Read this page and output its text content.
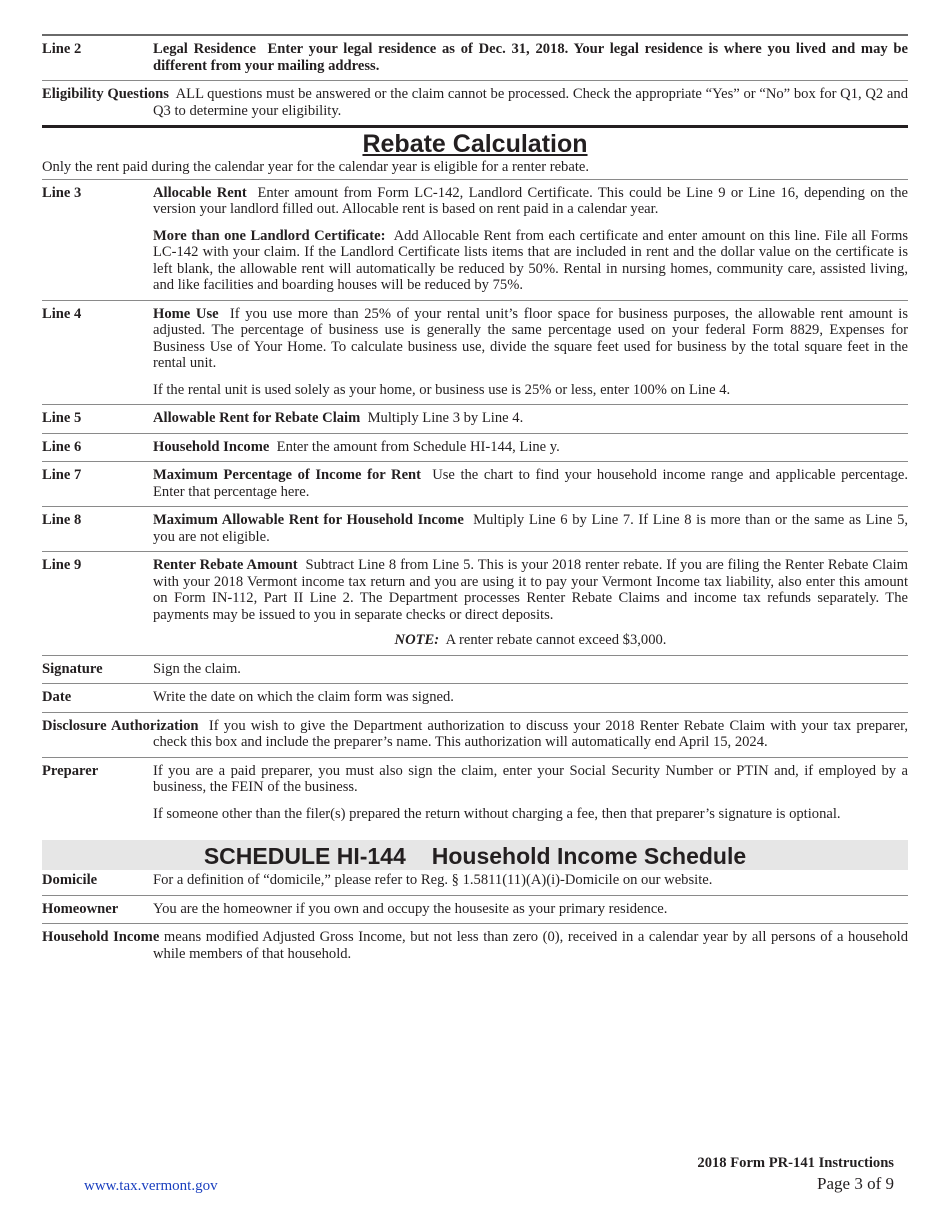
Line 2	Legal Residence Enter your legal residence as of Dec. 31, 2018. Your legal residence is where you lived and may be different from your mailing address.
Eligibility Questions ALL questions must be answered or the claim cannot be processed. Check the appropriate “Yes” or “No” box for Q1, Q2 and Q3 to determine your eligibility.
Rebate Calculation
Only the rent paid during the calendar year for the calendar year is eligible for a renter rebate.
Line 3	Allocable Rent Enter amount from Form LC-142, Landlord Certificate. This could be Line 9 or Line 16, depending on the version your landlord filled out. Allocable rent is based on rent paid in a calendar year.

More than one Landlord Certificate: Add Allocable Rent from each certificate and enter amount on this line. File all Forms LC-142 with your claim. If the Landlord Certificate lists items that are included in rent and the dollar value on the certificate is left blank, the allowable rent will automatically be reduced by 50%. Rental in nursing homes, community care, assisted living, and like facilities and boarding houses will be reduced by 75%.

Line 4	Home Use If you use more than 25% of your rental unit’s floor space for business purposes, the allowable rent amount is adjusted. The percentage of business use is generally the same percentage used on your federal Form 8829, Expenses for Business Use of Your Home. To calculate business use, divide the square feet used for business by the total square feet in the rental unit.

If the rental unit is used solely as your home, or business use is 25% or less, enter 100% on Line 4.

Line 5	Allowable Rent for Rebate Claim Multiply Line 3 by Line 4.
Line 6	Household Income Enter the amount from Schedule HI-144, Line y.
Line 7	Maximum Percentage of Income for Rent Use the chart to find your household income range and applicable percentage. Enter that percentage here.
Line 8	Maximum Allowable Rent for Household Income Multiply Line 6 by Line 7. If Line 8 is more than or the same as Line 5, you are not eligible.
Line 9	Renter Rebate Amount Subtract Line 8 from Line 5. This is your 2018 renter rebate. If you are filing the Renter Rebate Claim with your 2018 Vermont income tax return and you are using it to pay your Vermont Income tax liability, also enter this amount on Form IN-112, Part II Line 2. The Department processes Renter Rebate Claims and income tax refunds separately. The payments may be issued to you in separate checks or direct deposits.

NOTE: A renter rebate cannot exceed $3,000.
Signature	Sign the claim.
Date	Write the date on which the claim form was signed.
Disclosure Authorization If you wish to give the Department authorization to discuss your 2018 Renter Rebate Claim with your tax preparer, check this box and include the preparer’s name. This authorization will automatically end April 15, 2024.
Preparer	If you are a paid preparer, you must also sign the claim, enter your Social Security Number or PTIN and, if employed by a business, the FEIN of the business.

If someone other than the filer(s) prepared the return without charging a fee, then that preparer’s signature is optional.

SCHEDULE HI-144 Household Income Schedule
Domicile	For a definition of “domicile,” please refer to Reg. § 1.5811(11)(A)(i)-Domicile on our website.
Homeowner	You are the homeowner if you own and occupy the housesite as your primary residence.
Household Income means modified Adjusted Gross Income, but not less than zero (0), received in a calendar year by all persons of a household while members of that household.
2018 Form PR-141 Instructions
Page 3 of 9
www.tax.vermont.gov
